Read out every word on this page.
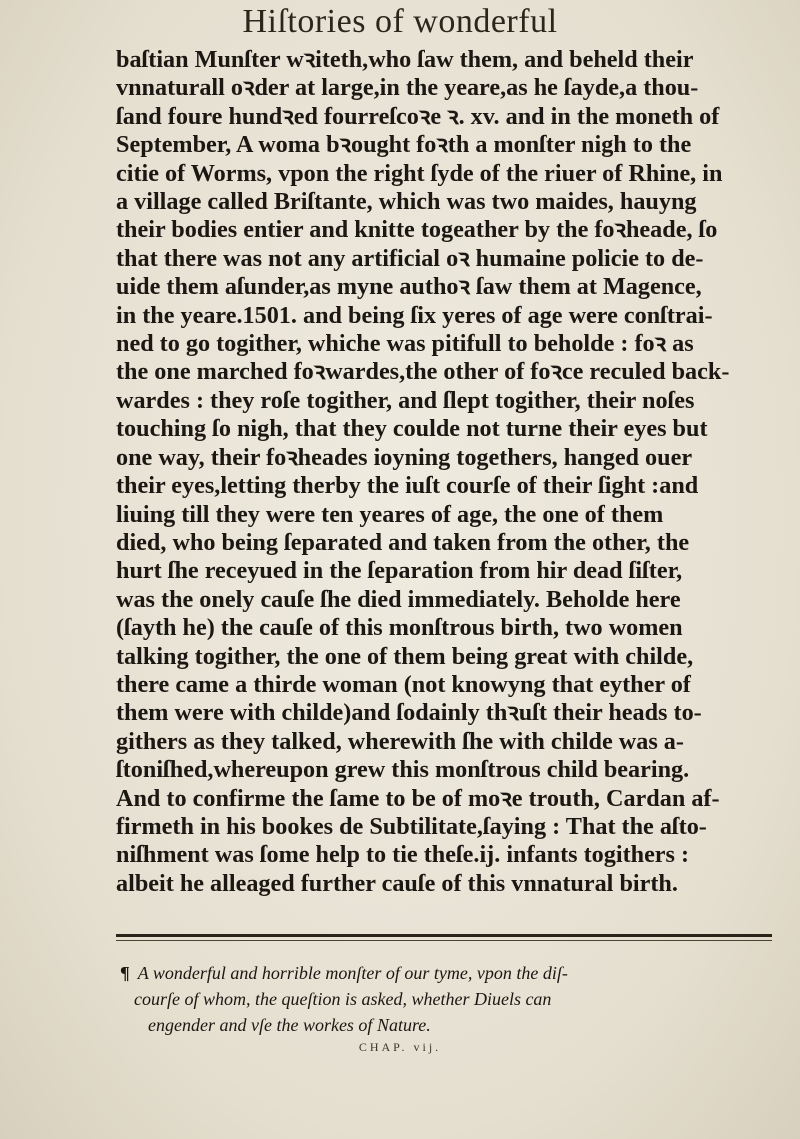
Hiſtories of wonderful
baſtian Munſter wꝛiteth,who ſaw them, and beheld their
vnnaturall oꝛder at large,in the yeare,as he ſayde,a thou-
ſand foure hundꝛed fourreſcoꝛe ꝛ. xv. and in the moneth of
September, A woma bꝛought foꝛth a monſter nigh to the
citie of Worms, vpon the right ſyde of the riuer of Rhine, in
a village called Briſtante, which was two maides, hauyng
their bodies entier and knitte togeather by the foꝛheade, ſo
that there was not any artificial oꝛ humaine policie to de-
uide them aſunder,as myne authoꝛ ſaw them at Magence,
in the yeare.1501. and being ſix yeres of age were conſtrai-
ned to go togither, whiche was pitifull to beholde : foꝛ as
the one marched foꝛwardes,the other of foꝛce reculed back-
wardes : they roſe togither, and ſlept togither, their noſes
touching ſo nigh, that they coulde not turne their eyes but
one way, their foꝛheades ioyning togethers, hanged ouer
their eyes,letting therby the iuſt courſe of their ſight :and
liuing till they were ten yeares of age, the one of them
died, who being ſeparated and taken from the other, the
hurt ſhe receyued in the ſeparation from hir dead ſiſter,
was the onely cauſe ſhe died immediately. Beholde here
(ſayth he) the cauſe of this monſtrous birth, two women
talking togither, the one of them being great with childe,
there came a thirde woman (not knowyng that eyther of
them were with childe)and ſodainly thꝛuſt their heads to-
githers as they talked, wherewith ſhe with childe was a-
ſtoniſhed,whereupon grew this monſtrous child bearing.
And to confirme the ſame to be of moꝛe trouth, Cardan af-
firmeth in his bookes de Subtilitate,ſaying : That the aſto-
niſhment was ſome help to tie theſe.ij. infants togithers :
albeit he alleaged further cauſe of this vnnatural birth.
¶ A wonderful and horrible monſter of our tyme, vpon the diſ-
courſe of whom, the queſtion is asked, whether Diuels can
engender and vſe the workes of Nature.
CHAP. vij.
